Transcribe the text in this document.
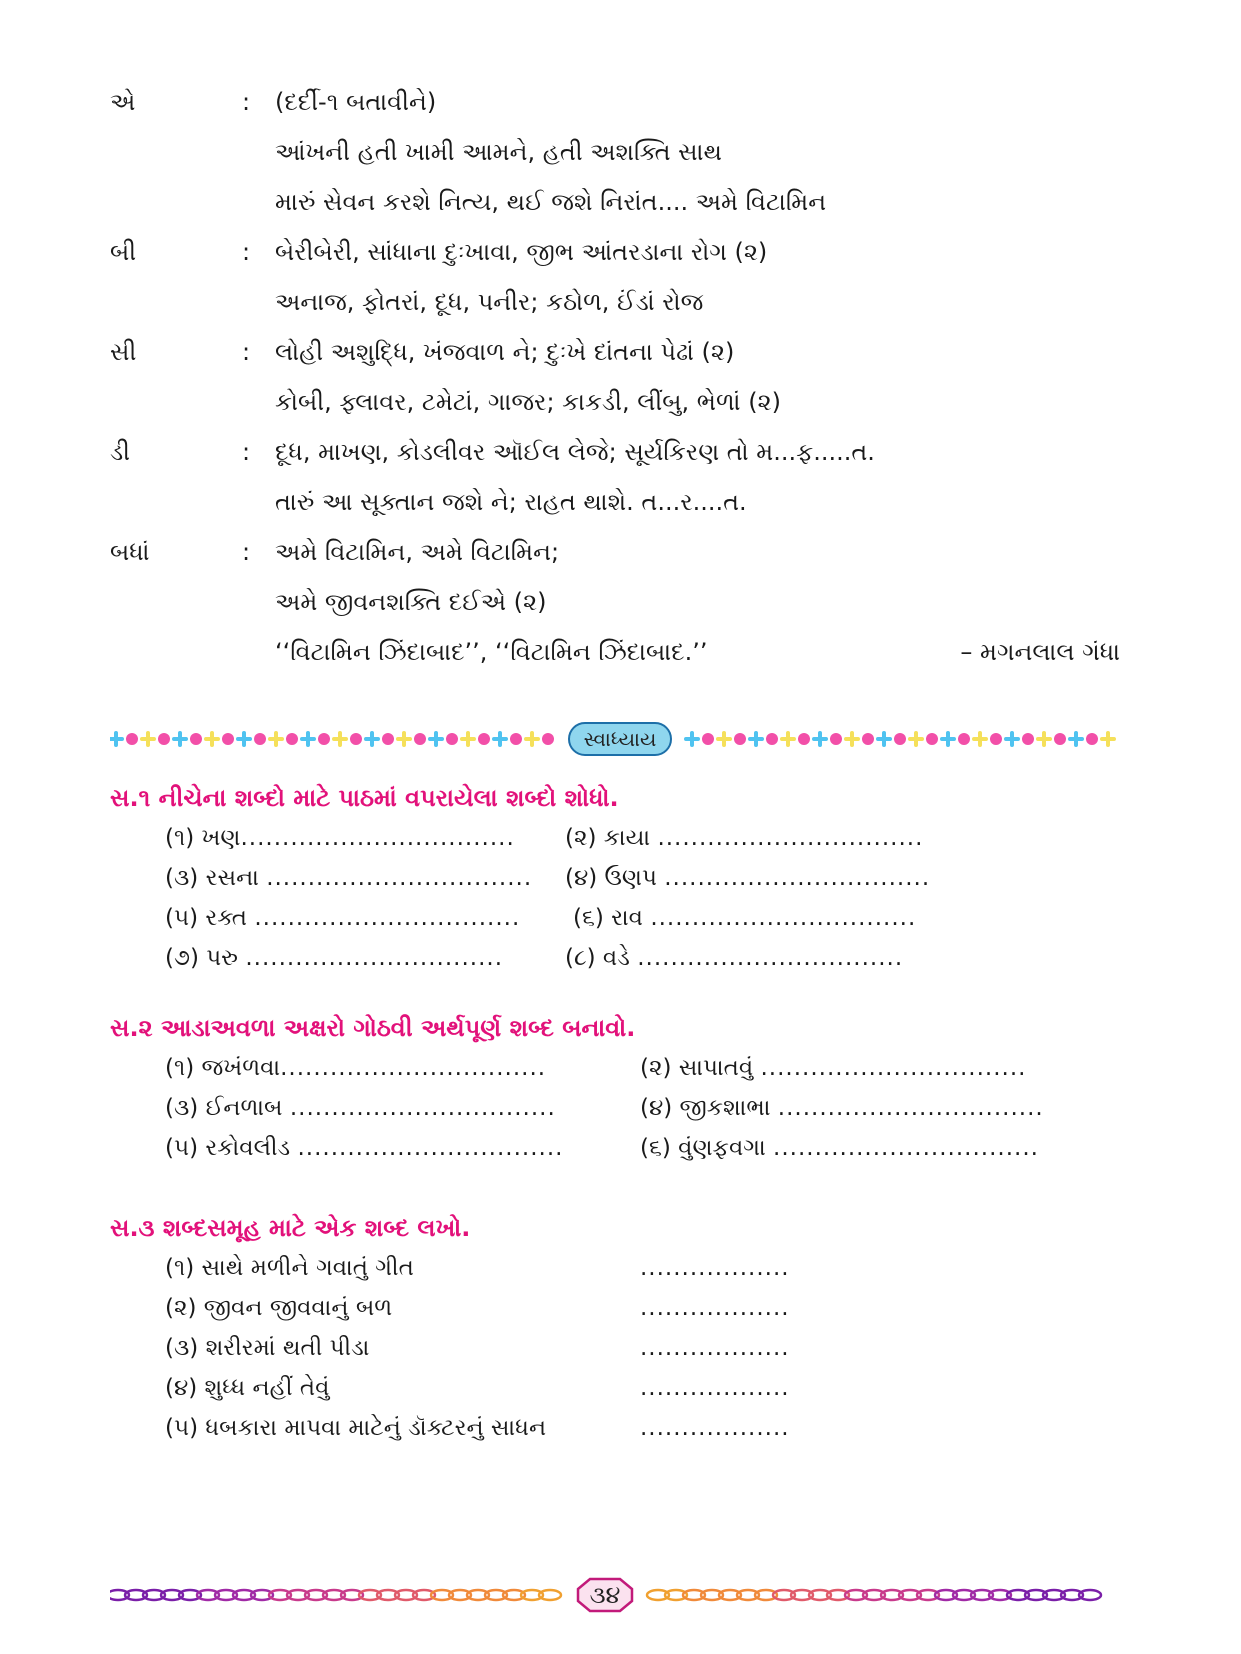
એ	: (દર્દી-૧ બતાવીને)
આંખની હતી ખામી આમને, હતી અશક્તિ સાથ
મારું સેવન કરશે નિત્ય, થઈ જશે નિરાંત.... અમે વિટામિન
બી	: બેરીબેરી, સાંધાના દુઃખાવા, જીભ આંતરડાના રોગ (૨)
અનાજ, ફોતરાં, દૂધ, પનીર; કઠોળ, ઈંડાં રોજ
સી	: લોહી અશુદ્ધિ, ખંજવાળ ને; દુઃખે દાંતના પેઢાં (૨)
કોબી, ફ્લાવર, ટમેટાં, ગાજર; કાકડી, લીંબુ, ભેળાં (૨)
ડી	: દૂધ, માખણ, કોડલીવર ઑઈલ લેજે; સૂર્યકિરણ તો મ...ફ.....ત.
તારું આ સૂક્તાન જશે ને; રાહત થાશે. ત...ર....ત.
બધાં	: અમે વિટામિન, અમે વિટામિન;
અમે જીવનશક્તિ દઈએ (૨)
‘‘વિટામિન ઝિંદાબાદ’’, ‘‘વિટામિન ઝિંદાબાદ.’’	– મગનલાલ ગંધા
સ્વાધ્યાય
સ.૧ નીચેના શબ્દો માટે પાઠમાં વપરાયેલા શબ્દો શોધો.
(૧) ખણ................................. (૨) કાયા ................................
(૩) રસના ................................ (૪) ઉણપ ................................
(૫) રક્ત ................................ (૬) રાવ ................................
(૭) પરુ ...............................	(૮) વડે ................................
સ.૨ આડાઅવળા અક્ષરો ગોઠવી અર્થપૂર્ણ શબ્દ બનાવો.
(૧) જખંળવા................................	(૨) સાપાતવું ................................
(૩) ઈનળાબ ................................	(૪) જીકશાભા ................................
(૫) રકોવલીડ ................................	(૬) વુંણફવગા ................................
સ.૩ શબ્દસમૂહ માટે એક શબ્દ લખો.
(૧) સાથે મળીને ગવાતું ગીત	..................
(૨) જીવન જીવવાનું બળ	..................
(૩) શરીરમાં થતી પીડા	..................
(૪) શુધ્ધ નહીં તેવું	..................
(૫) ધબકારા માપવા માટેનું ડૉક્ટરનું સાધન	..................
૩૪
